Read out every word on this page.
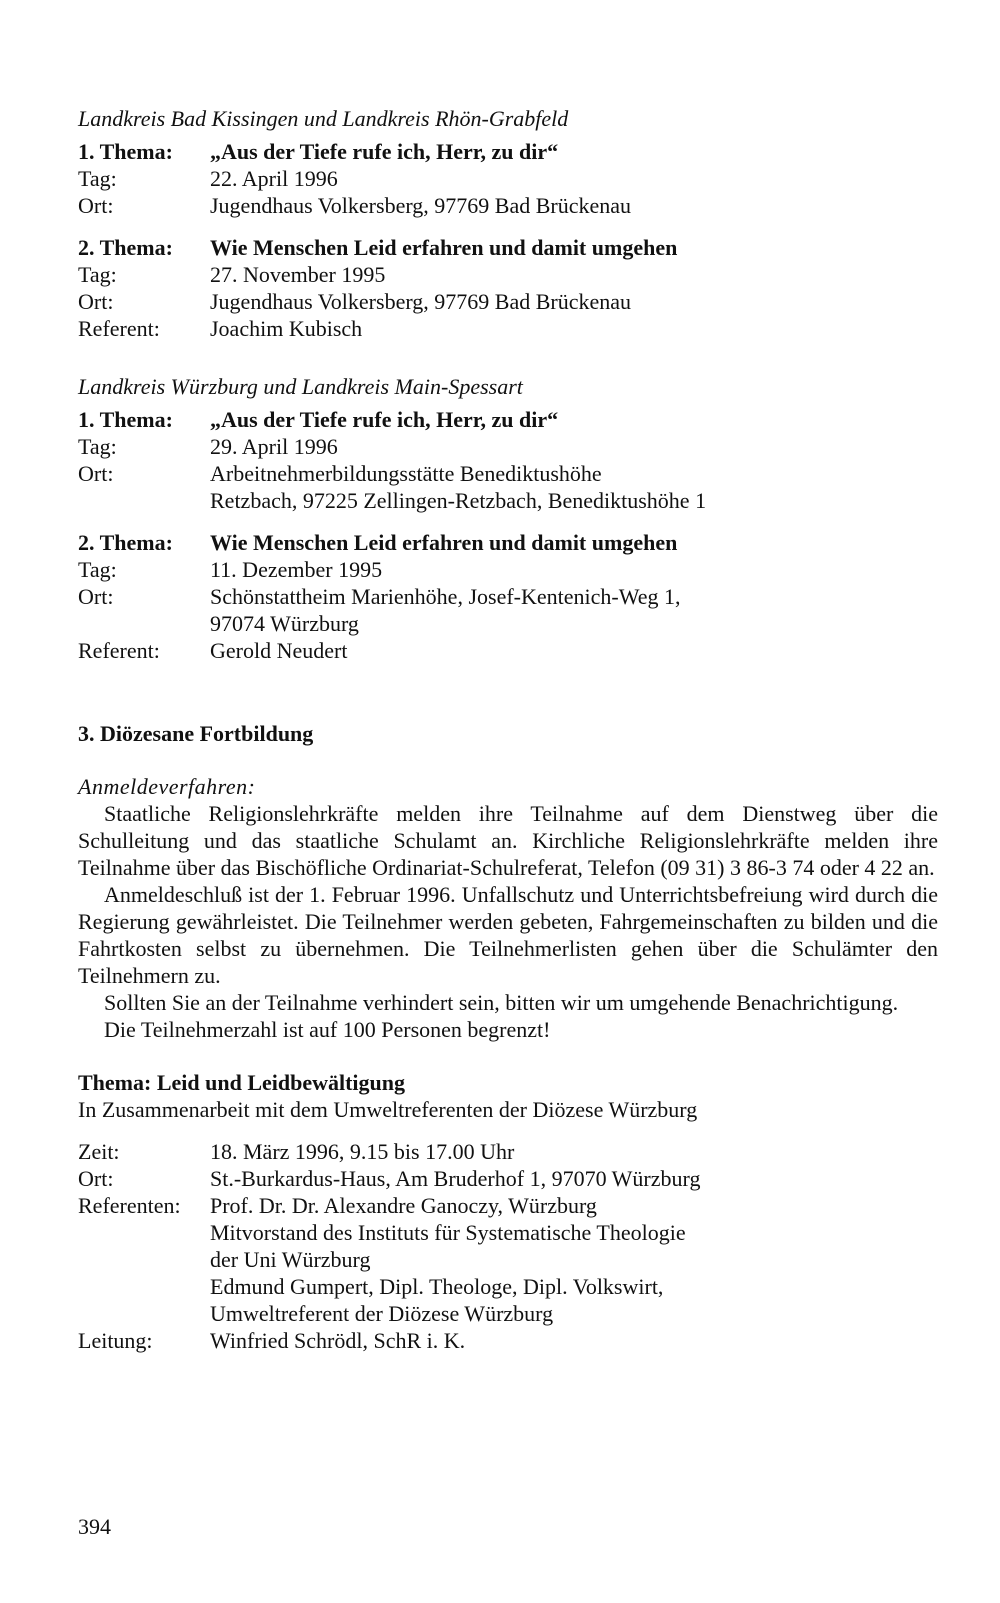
Landkreis Bad Kissingen und Landkreis Rhön-Grabfeld

1. Thema:	„Aus der Tiefe rufe ich, Herr, zu dir“
Tag:	22. April 1996
Ort:	Jugendhaus Volkersberg, 97769 Bad Brückenau
2. Thema:	Wie Menschen Leid erfahren und damit umgehen
Tag:	27. November 1995
Ort:	Jugendhaus Volkersberg, 97769 Bad Brückenau
Referent:	Joachim Kubisch

Landkreis Würzburg und Landkreis Main-Spessart

1. Thema:	„Aus der Tiefe rufe ich, Herr, zu dir“
Tag:	29. April 1996
Ort:	Arbeitnehmerbildungsstätte Benediktushöhe
Retzbach, 97225 Zellingen-Retzbach, Benediktushöhe 1
2. Thema:	Wie Menschen Leid erfahren und damit umgehen
Tag:	11. Dezember 1995
Ort:	Schönstattheim Marienhöhe, Josef-Kentenich-Weg 1,
97074 Würzburg
Referent:	Gerold Neudert

3. Diözesane Fortbildung

Anmeldeverfahren:

Staatliche Religionslehrkräfte melden ihre Teilnahme auf dem Dienstweg über die Schulleitung und das staatliche Schulamt an. Kirchliche Religionslehrkräfte melden ihre Teilnahme über das Bischöfliche Ordinariat-Schulreferat, Telefon (09 31) 3 86-3 74 oder 4 22 an.

Anmeldeschluß ist der 1. Februar 1996. Unfallschutz und Unterrichtsbefreiung wird durch die Regierung gewährleistet. Die Teilnehmer werden gebeten, Fahrgemeinschaften zu bilden und die Fahrtkosten selbst zu übernehmen. Die Teilnehmerlisten gehen über die Schulämter den Teilnehmern zu.

Sollten Sie an der Teilnahme verhindert sein, bitten wir um umgehende Benachrichtigung.

Die Teilnehmerzahl ist auf 100 Personen begrenzt!

Thema: Leid und Leidbewältigung

In Zusammenarbeit mit dem Umweltreferenten der Diözese Würzburg

Zeit:	18. März 1996, 9.15 bis 17.00 Uhr
Ort:	St.-Burkardus-Haus, Am Bruderhof 1, 97070 Würzburg
Referenten:	Prof. Dr. Dr. Alexandre Ganoczy, Würzburg
Mitvorstand des Instituts für Systematische Theologie
der Uni Würzburg
Edmund Gumpert, Dipl. Theologe, Dipl. Volkswirt,
Umweltreferent der Diözese Würzburg
Leitung:	Winfried Schrödl, SchR i. K.
394
